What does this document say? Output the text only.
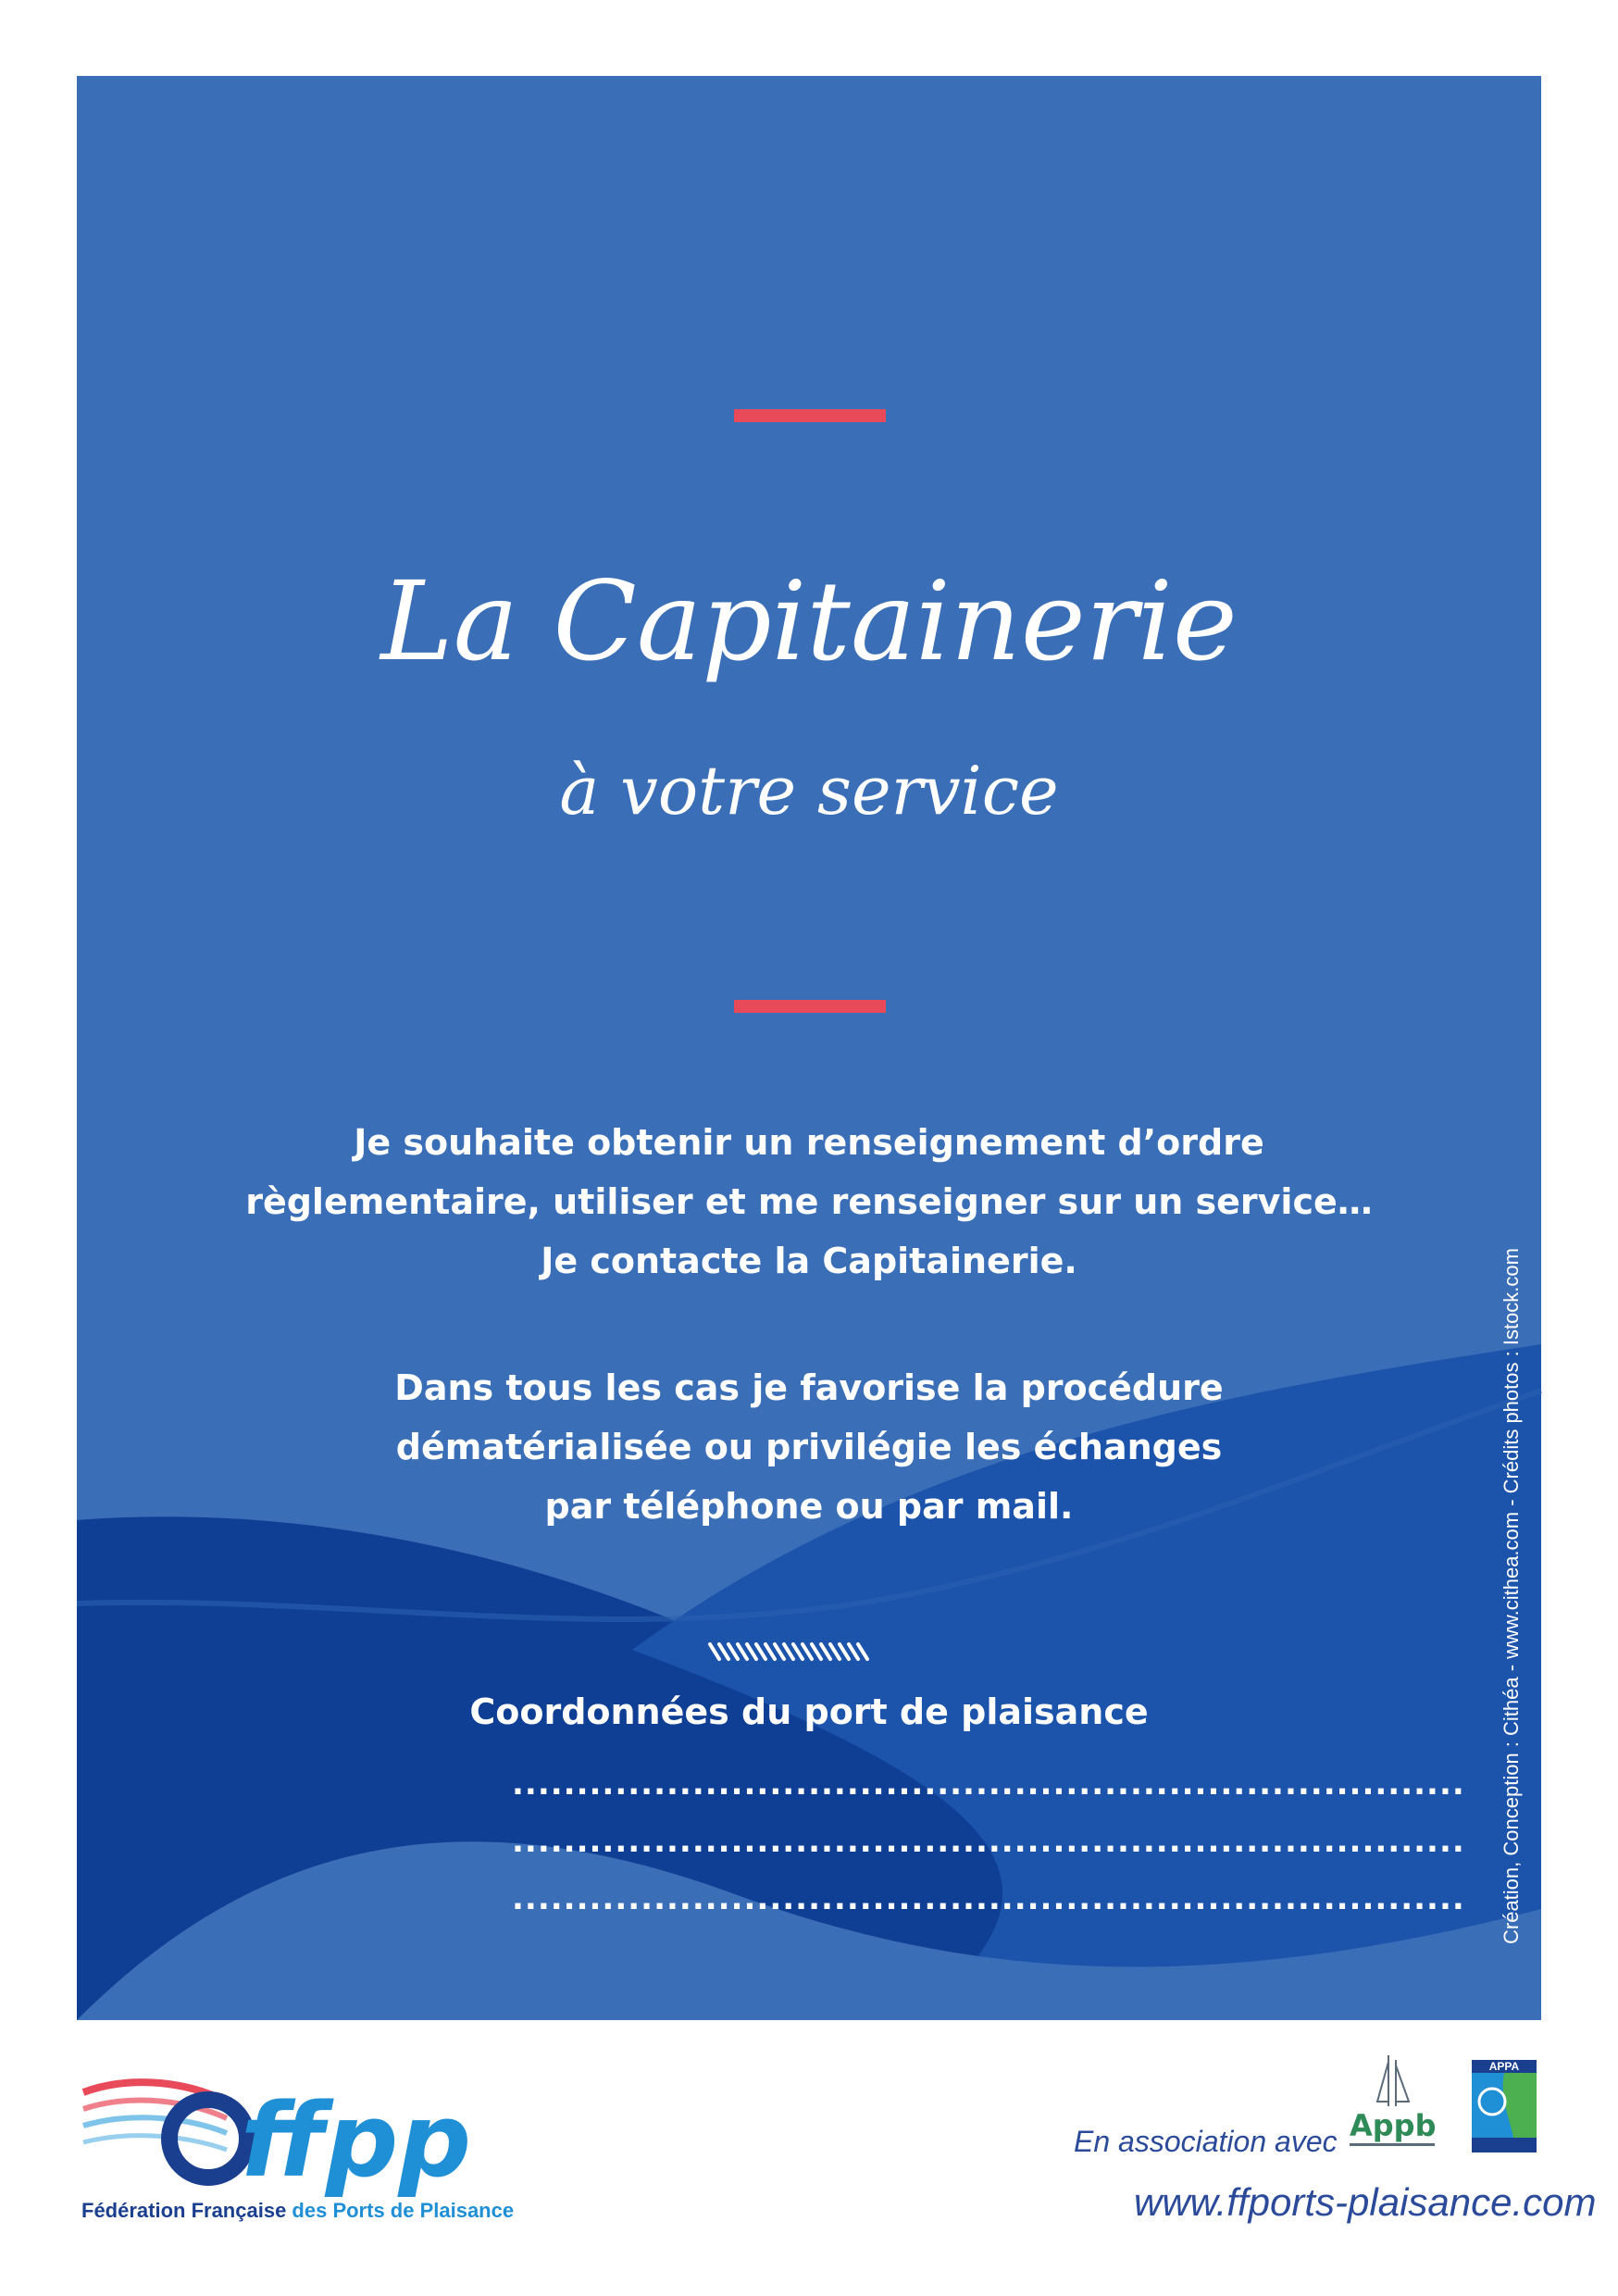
La Capitainerie
à votre service
Je souhaite obtenir un renseignement d’ordre
règlementaire, utiliser et me renseigner sur un service…
Je contacte la Capitainerie.
Dans tous les cas je favorise la procédure
dématérialisée ou privilégie les échanges
par téléphone ou par mail.
Coordonnées du port de plaisance
..........................................................................
..........................................................................
.......................................................................... Création, Conception : Cithéa - www.cithea.com - Crédits photos : Istock.com
ffpp
Fédération Française des Ports de Plaisance
En association avec Appb
APPA
www.ffports-plaisance.com
